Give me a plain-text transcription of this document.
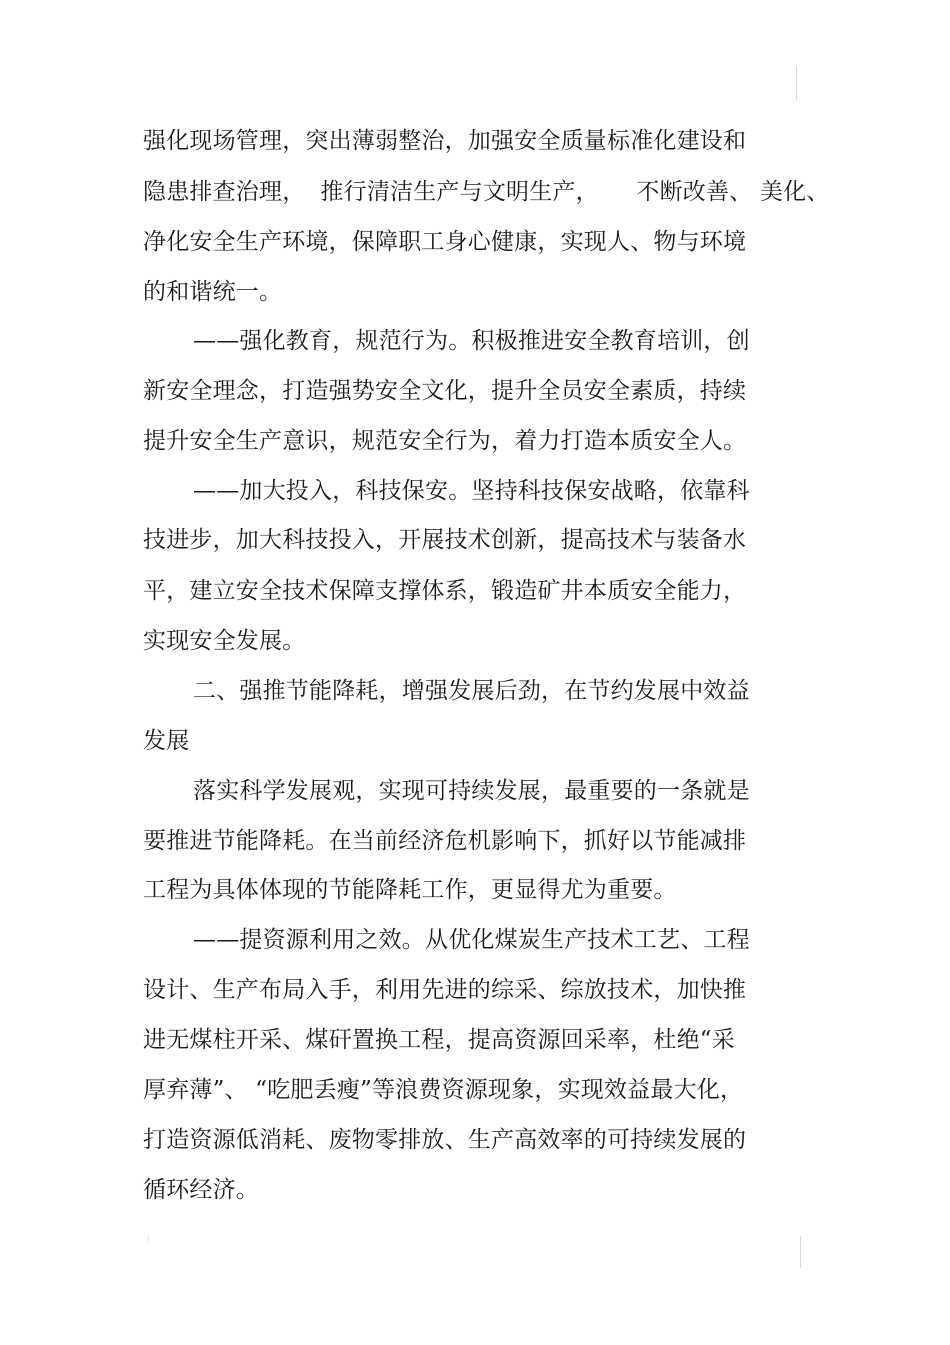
强化现场管理，突出薄弱整治，加强安全质量标准化建设和
隐患排查治理，  推行清洁生产与文明生产，     不断改善、 美化、
净化安全生产环境，保障职工身心健康，实现人、物与环境
的和谐统一。
——强化教育，规范行为。积极推进安全教育培训，创
新安全理念，打造强势安全文化，提升全员安全素质，持续
提升安全生产意识，规范安全行为，着力打造本质安全人。
——加大投入，科技保安。坚持科技保安战略，依靠科
技进步，加大科技投入，开展技术创新，提高技术与装备水
平，建立安全技术保障支撑体系，锻造矿井本质安全能力，
实现安全发展。
二、强推节能降耗，增强发展后劲，在节约发展中效益
发展
落实科学发展观，实现可持续发展，最重要的一条就是
要推进节能降耗。在当前经济危机影响下，抓好以节能减排
工程为具体体现的节能降耗工作，更显得尤为重要。
——提资源利用之效。从优化煤炭生产技术工艺、工程
设计、生产布局入手，利用先进的综采、综放技术，加快推
进无煤柱开采、煤矸置换工程，提高资源回采率，杜绝“采
厚弃薄”、 “吃肥丢瘦”等浪费资源现象，实现效益最大化，
打造资源低消耗、废物零排放、生产高效率的可持续发展的
循环经济。
